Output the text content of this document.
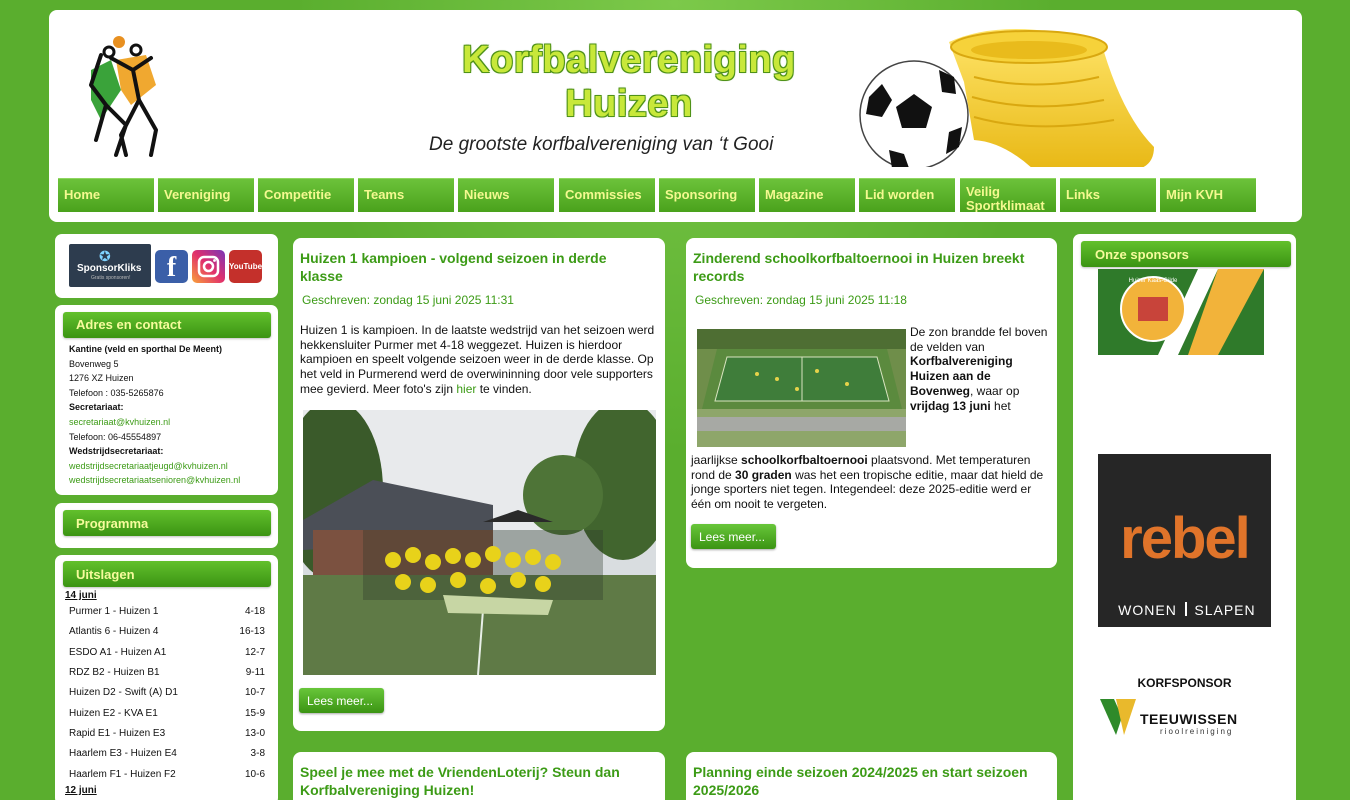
Korfbalvereniging
Huizen
De grootste korfbalvereniging van ‘t Gooi
Home	Vereniging	Competitie	Teams	Nieuws	Commissies	Sponsoring	Magazine	Lid worden	Veilig Sportklimaat
Links	Mijn KVH
✪
SponsorKliks
Gratis sponsoren!	f	YouTube
Adres en contact
Kantine (veld en sporthal De Meent)
Bovenweg 5
1276 XZ Huizen
Telefoon : 035-5265876
Secretariaat:
secretariaat@kvhuizen.nl
Telefoon: 06-45554897
Wedstrijdsecretariaat:
wedstrijdsecretariaatjeugd@kvhuizen.nl
wedstrijdsecretariaatsenioren@kvhuizen.nl
Programma
Uitslagen
14 juni
Purmer 1 - Huizen 1	4-18
Atlantis 6 - Huizen 4	16-13
ESDO A1 - Huizen A1	12-7
RDZ B2 - Huizen B1	9-11
Huizen D2 - Swift (A) D1	10-7
Huizen E2 - KVA E1	15-9
Rapid E1 - Huizen E3	13-0
Haarlem E3 - Huizen E4	3-8
Haarlem F1 - Huizen F2	10-6
12 juni
Huizen 1 kampioen - volgend seizoen in derde klasse
Geschreven: zondag 15 juni 2025 11:31
Huizen 1 is kampioen. In de laatste wedstrijd van het seizoen werd hekkensluiter Purmer met 4-18 weggezet. Huizen is hierdoor kampioen en speelt volgende seizoen weer in de derde klasse. Op het veld in Purmerend werd de overwininning door vele supporters mee gevierd. Meer foto's zijn hier te vinden.
Lees meer...
Zinderend schoolkorfbaltoernooi in Huizen breekt records
Geschreven: zondag 15 juni 2025 11:18
De zon brandde fel boven de velden van Korfbalvereniging Huizen aan de Bovenweg, waar op vrijdag 13 juni het
jaarlijkse schoolkorfbaltoernooi plaatsvond. Met temperaturen rond de 30 graden was het een tropische editie, maar dat hield de jonge sporters niet tegen. Integendeel: deze 2025-editie werd er één om nooit te vergeten.
Lees meer...
Speel je mee met de VriendenLoterij? Steun dan Korfbalvereniging Huizen!
Planning einde seizoen 2024/2025 en start seizoen 2025/2026
Onze sponsors
Huizer Kaas-Gilde
rebel
WONEN	SLAPEN
KORFSPONSOR
TEEUWISSEN
rioolreiniging
